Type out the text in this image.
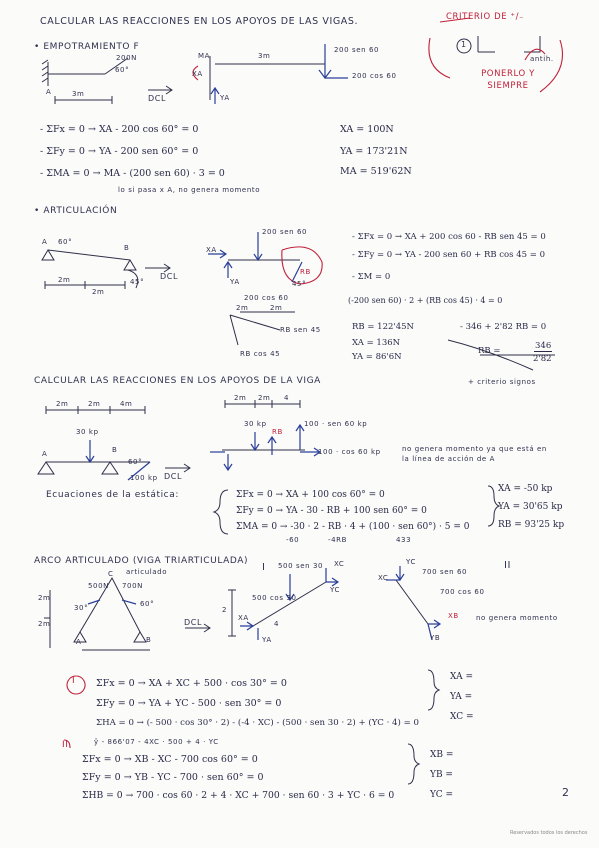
CALCULAR LAS REACCIONES EN LOS APOYOS DE LAS VIGAS.	CRITERIO DE ⁺/₋
1
antih.
PONERLO Y SIEMPRE
• EMPOTRAMIENTO F
200N
60°
A	3m	DCL
3m
200 sen 60
200 cos 60
MA
XA
YA
- ΣFx = 0 → XA - 200 cos 60° = 0
- ΣFy = 0 → YA - 200 sen 60° = 0
- ΣMA = 0 → MA - (200 sen 60) · 3 = 0
lo si pasa x A, no genera momento
XA = 100N
YA = 173'21N
MA = 519'62N
• ARTICULACIÓN
A 60°
B
2m
2m
45°
DCL
200 sen 60
200 cos 60
2m	2m
RB
45°
XA
YA
RB sen 45
RB cos 45
- ΣFx = 0 → XA + 200 cos 60 - RB sen 45 = 0
- ΣFy = 0 → YA - 200 sen 60 + RB cos 45 = 0
- ΣM = 0
(-200 sen 60) · 2 + (RB cos 45) · 4 = 0
RB = 122'45N
XA = 136N
YA = 86'6N
- 346 + 2'82 RB = 0
RB =	346
2'82
CALCULAR LAS REACCIONES EN LOS APOYOS DE LA VIGA	+ criterio signos
2m	2m	4m
30 kp
100 kp
60°
A	B
DCL
2m 2m 4
30 kp
RB
100 · sen 60 kp
100 · cos 60 kp	no genera momento ya que está en la línea de acción de A
Ecuaciones de la estática:	ΣFx = 0 → XA + 100 cos 60° = 0
ΣFy = 0 → YA - 30 - RB + 100 sen 60° = 0
ΣMA = 0 → -30 · 2 - RB · 4 + (100 · sen 60°) · 5 = 0
-60	-4RB	433
XA = -50 kp
YA = 30'65 kp
RB = 93'25 kp
ARCO ARTICULADO (VIGA TRIARTICULADA)
I	II
500N 700N
2m
2m
30°	60°
A	B
C articulado
DCL
500 sen 30
500 cos 30
XC
YC
XA
YA
2
4
YC
XC
700 sen 60
700 cos 60
XB
YB
no genera momento
I ΣFx = 0 → XA + XC + 500 · cos 30° = 0
ΣFy = 0 → YA + YC - 500 · sen 30° = 0
ΣHA = 0 → (- 500 · cos 30° · 2) - (-4 · XC) - (500 · sen 30 · 2) + (YC · 4) = 0
XA =
YA =
XC =
II	ŷ - 866'07 - 4XC · 500 + 4 · YC
ΣFx = 0 → XB - XC - 700 cos 60° = 0
ΣFy = 0 → YB - YC - 700 · sen 60° = 0
ΣHB = 0 → 700 · cos 60 · 2 + 4 · XC + 700 · sen 60 · 3 + YC · 6 = 0
XB =
YB =
YC =	2
Reservados todos los derechos
